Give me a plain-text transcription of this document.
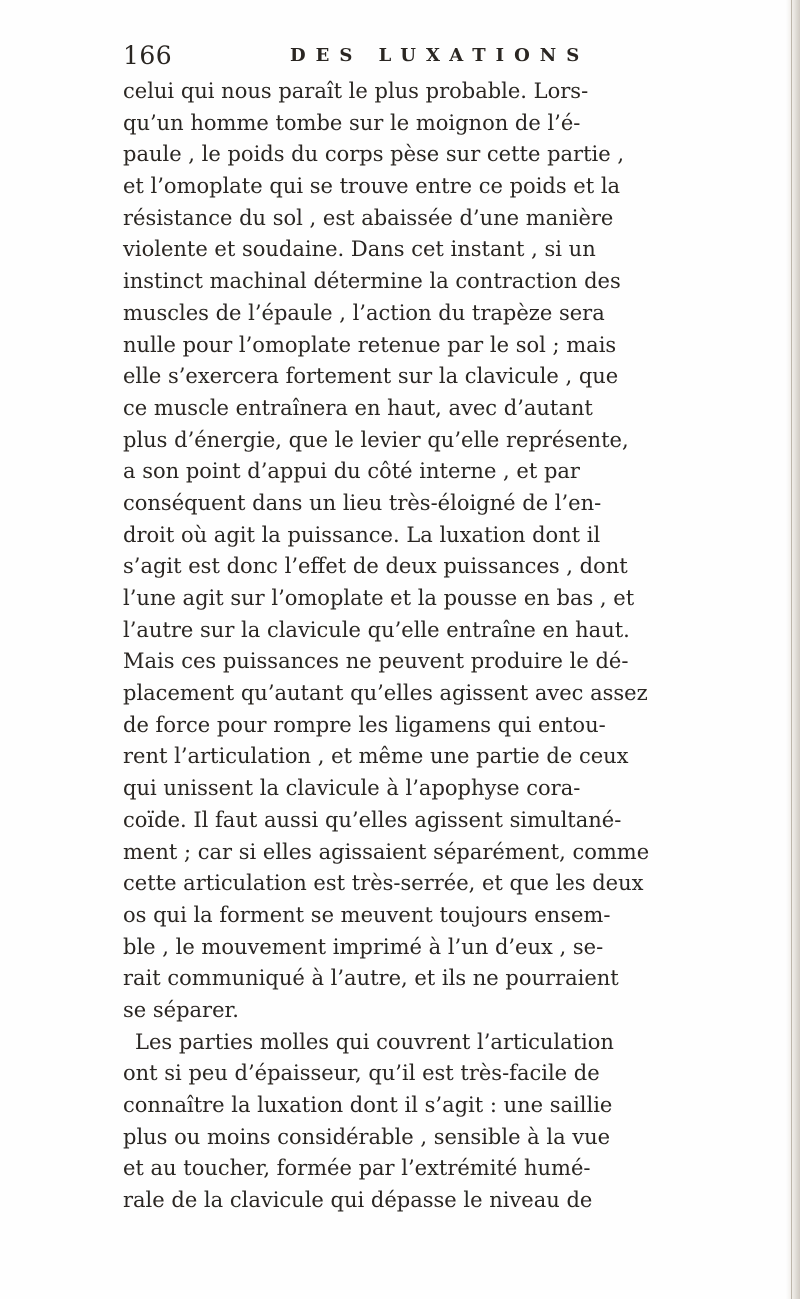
166	DES LUXATIONS
celui qui nous paraît le plus probable. Lors-
qu’un homme tombe sur le moignon de l’é-
paule , le poids du corps pèse sur cette partie ,
et l’omoplate qui se trouve entre ce poids et la
résistance du sol , est abaissée d’une manière
violente et soudaine. Dans cet instant , si un
instinct machinal détermine la contraction des
muscles de l’épaule , l’action du trapèze sera
nulle pour l’omoplate retenue par le sol ; mais
elle s’exercera fortement sur la clavicule , que
ce muscle entraînera en haut, avec d’autant
plus d’énergie, que le levier qu’elle représente,
a son point d’appui du côté interne , et par
conséquent dans un lieu très-éloigné de l’en-
droit où agit la puissance. La luxation dont il
s’agit est donc l’effet de deux puissances , dont
l’une agit sur l’omoplate et la pousse en bas , et
l’autre sur la clavicule qu’elle entraîne en haut.
Mais ces puissances ne peuvent produire le dé-
placement qu’autant qu’elles agissent avec assez
de force pour rompre les ligamens qui entou-
rent l’articulation , et même une partie de ceux
qui unissent la clavicule à l’apophyse cora-
coïde. Il faut aussi qu’elles agissent simultané-
ment ; car si elles agissaient séparément, comme
cette articulation est très-serrée, et que les deux
os qui la forment se meuvent toujours ensem-
ble , le mouvement imprimé à l’un d’eux , se-
rait communiqué à l’autre, et ils ne pourraient
se séparer.
Les parties molles qui couvrent l’articulation
ont si peu d’épaisseur, qu’il est très-facile de
connaître la luxation dont il s’agit : une saillie
plus ou moins considérable , sensible à la vue
et au toucher, formée par l’extrémité humé-
rale de la clavicule qui dépasse le niveau de
